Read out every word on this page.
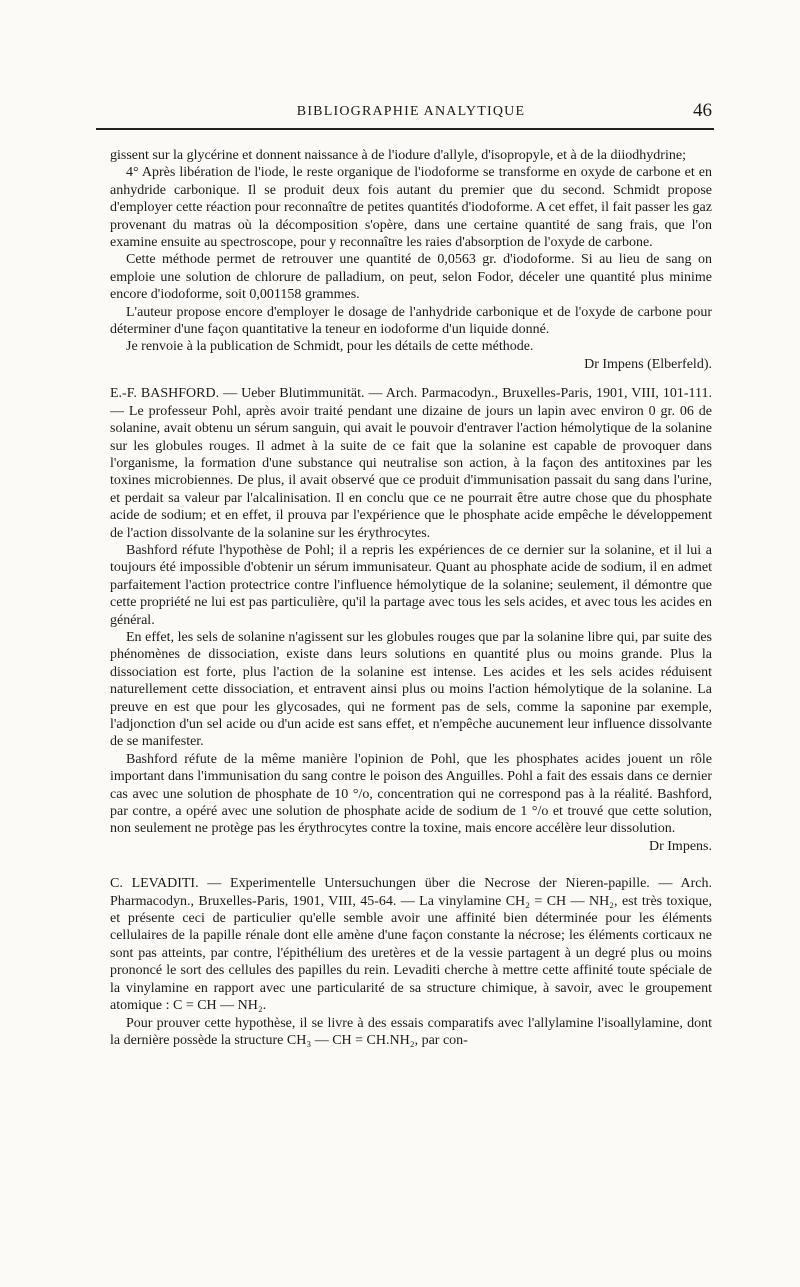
BIBLIOGRAPHIE ANALYTIQUE	46

gissent sur la glycérine et donnent naissance à de l'iodure d'allyle, d'isopropyle, et à de la diiodhydrine;

4° Après libération de l'iode, le reste organique de l'iodoforme se transforme en oxyde de carbone et en anhydride carbonique. Il se produit deux fois autant du premier que du second. Schmidt propose d'employer cette réaction pour reconnaître de petites quantités d'iodoforme. A cet effet, il fait passer les gaz provenant du matras où la décomposition s'opère, dans une certaine quantité de sang frais, que l'on examine ensuite au spectroscope, pour y reconnaître les raies d'absorption de l'oxyde de carbone.

Cette méthode permet de retrouver une quantité de 0,0563 gr. d'iodoforme. Si au lieu de sang on emploie une solution de chlorure de palladium, on peut, selon Fodor, déceler une quantité plus minime encore d'iodoforme, soit 0,001158 grammes.

L'auteur propose encore d'employer le dosage de l'anhydride carbonique et de l'oxyde de carbone pour déterminer d'une façon quantitative la teneur en iodoforme d'un liquide donné.

Je renvoie à la publication de Schmidt, pour les détails de cette méthode.

Dr Impens (Elberfeld).

E.-F. BASHFORD. — Ueber Blutimmunität. — Arch. Parmacodyn., Bruxelles-Paris, 1901, VIII, 101-111. — Le professeur Pohl, après avoir traité pendant une dizaine de jours un lapin avec environ 0 gr. 06 de solanine, avait obtenu un sérum sanguin, qui avait le pouvoir d'entraver l'action hémolytique de la solanine sur les globules rouges. Il admet à la suite de ce fait que la solanine est capable de provoquer dans l'organisme, la formation d'une substance qui neutralise son action, à la façon des antitoxines par les toxines microbiennes. De plus, il avait observé que ce produit d'immunisation passait du sang dans l'urine, et perdait sa valeur par l'alcalinisation. Il en conclu que ce ne pourrait être autre chose que du phosphate acide de sodium; et en effet, il prouva par l'expérience que le phosphate acide empêche le développement de l'action dissolvante de la solanine sur les érythrocytes.

Bashford réfute l'hypothèse de Pohl; il a repris les expériences de ce dernier sur la solanine, et il lui a toujours été impossible d'obtenir un sérum immunisateur. Quant au phosphate acide de sodium, il en admet parfaitement l'action protectrice contre l'influence hémolytique de la solanine; seulement, il démontre que cette propriété ne lui est pas particulière, qu'il la partage avec tous les sels acides, et avec tous les acides en général.

En effet, les sels de solanine n'agissent sur les globules rouges que par la solanine libre qui, par suite des phénomènes de dissociation, existe dans leurs solutions en quantité plus ou moins grande. Plus la dissociation est forte, plus l'action de la solanine est intense. Les acides et les sels acides réduisent naturellement cette dissociation, et entravent ainsi plus ou moins l'action hémolytique de la solanine. La preuve en est que pour les glycosades, qui ne forment pas de sels, comme la saponine par exemple, l'adjonction d'un sel acide ou d'un acide est sans effet, et n'empêche aucunement leur influence dissolvante de se manifester.

Bashford réfute de la même manière l'opinion de Pohl, que les phosphates acides jouent un rôle important dans l'immunisation du sang contre le poison des Anguilles. Pohl a fait des essais dans ce dernier cas avec une solution de phosphate de 10 °/o, concentration qui ne correspond pas à la réalité. Bashford, par contre, a opéré avec une solution de phosphate acide de sodium de 1 °/o et trouvé que cette solution, non seulement ne protège pas les érythrocytes contre la toxine, mais encore accélère leur dissolution.

Dr Impens.

C. LEVADITI. — Experimentelle Untersuchungen über die Necrose der Nieren-papille. — Arch. Pharmacodyn., Bruxelles-Paris, 1901, VIII, 45-64. — La vinylamine CH₂ = CH — NH₂, est très toxique, et présente ceci de particulier qu'elle semble avoir une affinité bien déterminée pour les éléments cellulaires de la papille rénale dont elle amène d'une façon constante la nécrose; les éléments corticaux ne sont pas atteints, par contre, l'épithélium des uretères et de la vessie partagent à un degré plus ou moins prononcé le sort des cellules des papilles du rein. Levaditi cherche à mettre cette affinité toute spéciale de la vinylamine en rapport avec une particularité de sa structure chimique, à savoir, avec le groupement atomique : C = CH — NH₂.

Pour prouver cette hypothèse, il se livre à des essais comparatifs avec l'allylamine l'isoallylamine, dont la dernière possède la structure CH₃ — CH = CH.NH₂, par con-
